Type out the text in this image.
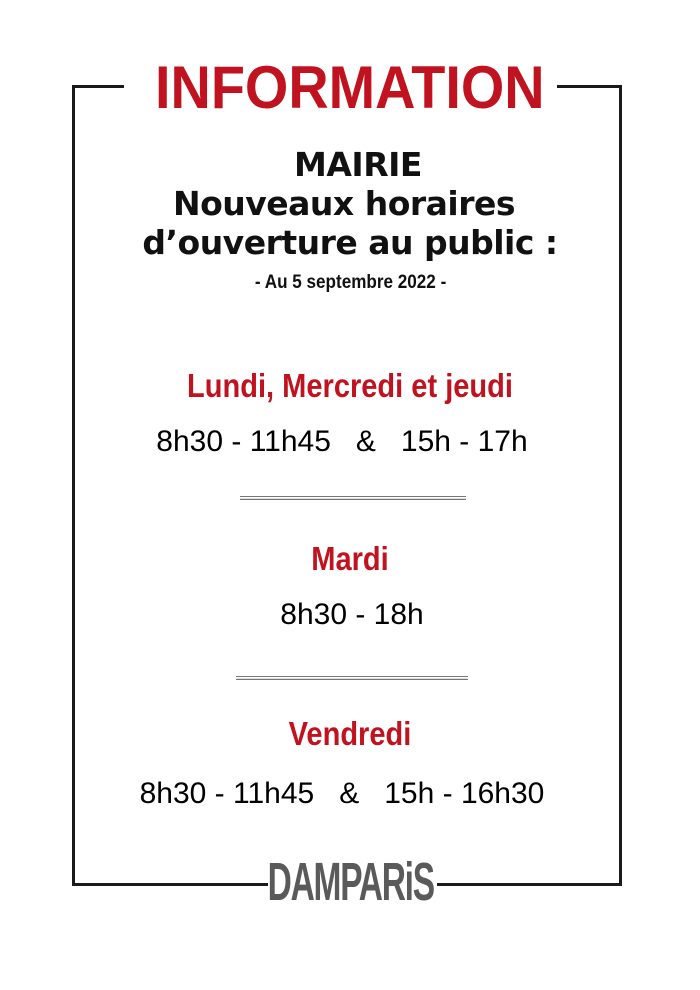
INFORMATION
MAIRIE
Nouveaux horaires
d’ouverture au public :
- Au 5 septembre 2022 -
Lundi, Mercredi et jeudi
8h30 - 11h45   &   15h - 17h
Mardi
8h30 - 18h
Vendredi
8h30 - 11h45   &   15h - 16h30
DAMPARiS
